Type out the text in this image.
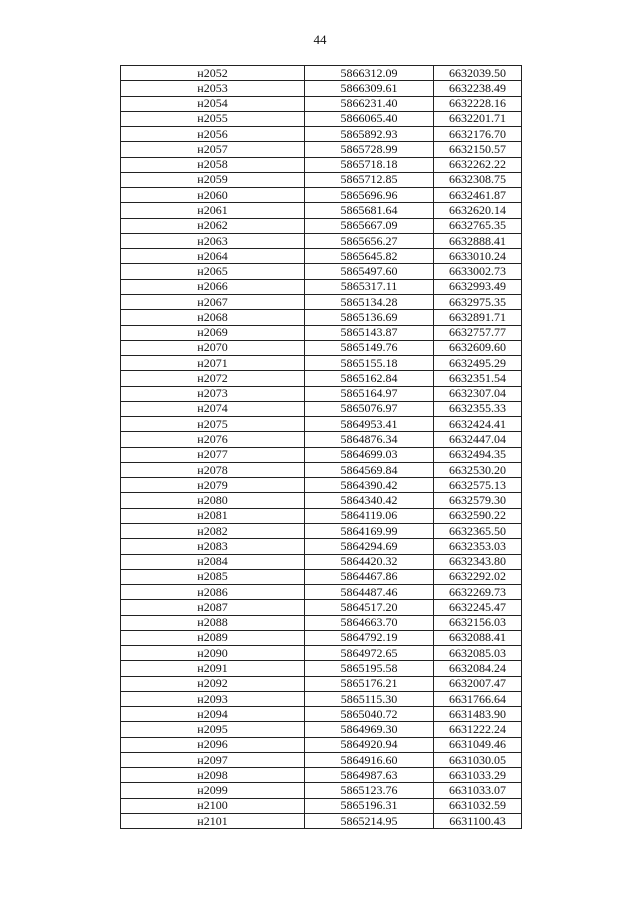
44
н2052	5866312.09	6632039.50
н2053	5866309.61	6632238.49
н2054	5866231.40	6632228.16
н2055	5866065.40	6632201.71
н2056	5865892.93	6632176.70
н2057	5865728.99	6632150.57
н2058	5865718.18	6632262.22
н2059	5865712.85	6632308.75
н2060	5865696.96	6632461.87
н2061	5865681.64	6632620.14
н2062	5865667.09	6632765.35
н2063	5865656.27	6632888.41
н2064	5865645.82	6633010.24
н2065	5865497.60	6633002.73
н2066	5865317.11	6632993.49
н2067	5865134.28	6632975.35
н2068	5865136.69	6632891.71
н2069	5865143.87	6632757.77
н2070	5865149.76	6632609.60
н2071	5865155.18	6632495.29
н2072	5865162.84	6632351.54
н2073	5865164.97	6632307.04
н2074	5865076.97	6632355.33
н2075	5864953.41	6632424.41
н2076	5864876.34	6632447.04
н2077	5864699.03	6632494.35
н2078	5864569.84	6632530.20
н2079	5864390.42	6632575.13
н2080	5864340.42	6632579.30
н2081	5864119.06	6632590.22
н2082	5864169.99	6632365.50
н2083	5864294.69	6632353.03
н2084	5864420.32	6632343.80
н2085	5864467.86	6632292.02
н2086	5864487.46	6632269.73
н2087	5864517.20	6632245.47
н2088	5864663.70	6632156.03
н2089	5864792.19	6632088.41
н2090	5864972.65	6632085.03
н2091	5865195.58	6632084.24
н2092	5865176.21	6632007.47
н2093	5865115.30	6631766.64
н2094	5865040.72	6631483.90
н2095	5864969.30	6631222.24
н2096	5864920.94	6631049.46
н2097	5864916.60	6631030.05
н2098	5864987.63	6631033.29
н2099	5865123.76	6631033.07
н2100	5865196.31	6631032.59
н2101	5865214.95	6631100.43
